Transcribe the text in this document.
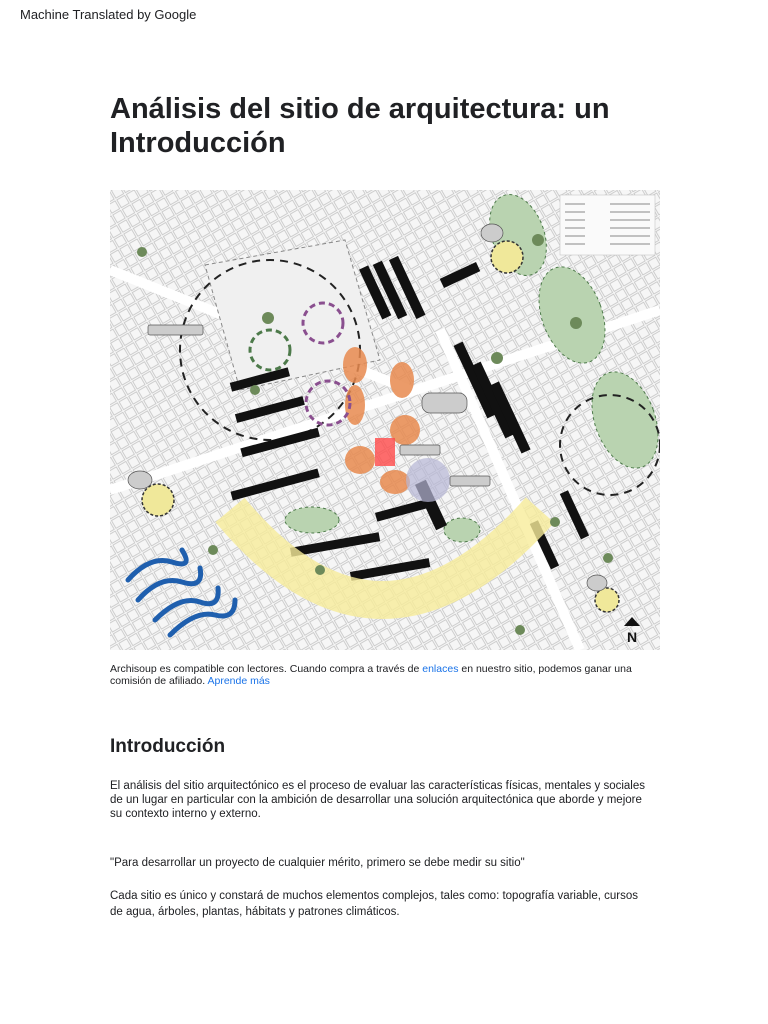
Machine Translated by Google
Análisis del sitio de arquitectura: un Introducción
N
Archisoup es compatible con lectores. Cuando compra a través de enlaces en nuestro sitio, podemos ganar una comisión de afiliado. Aprende más
Introducción

El análisis del sitio arquitectónico es el proceso de evaluar las características físicas, mentales y sociales de un lugar en particular con la ambición de desarrollar una solución arquitectónica que aborde y mejore su contexto interno y externo.

"Para desarrollar un proyecto de cualquier mérito, primero se debe medir su sitio"

Cada sitio es único y constará de muchos elementos complejos, tales como: topografía variable, cursos de agua, árboles, plantas, hábitats y patrones climáticos.
